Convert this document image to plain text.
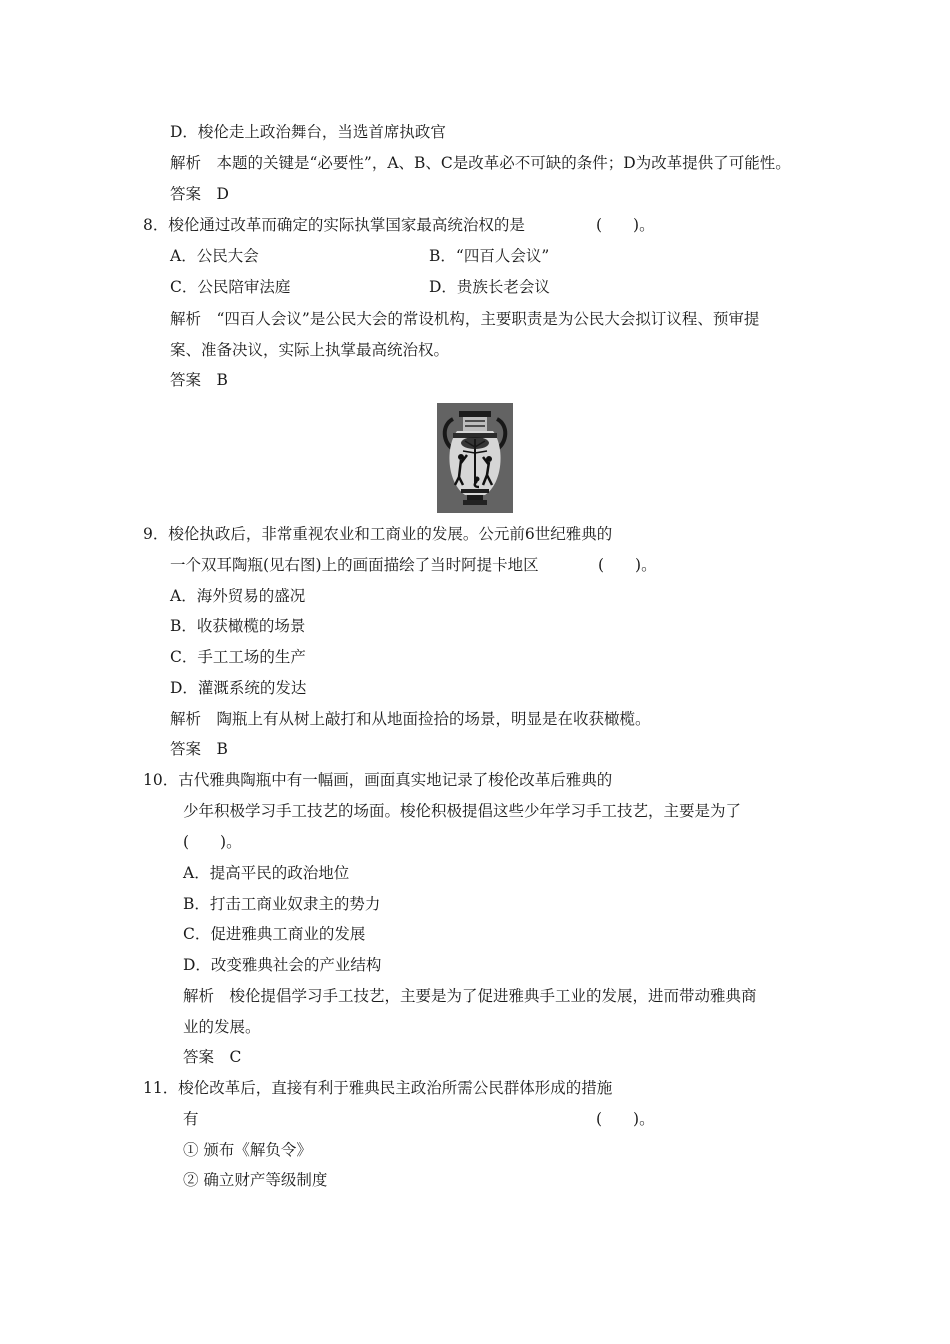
D．梭伦走上政治舞台，当选首席执政官
解析　本题的关键是“必要性”，A、B、C是改革必不可缺的条件；D为改革提供了可能性。
答案　D
8．梭伦通过改革而确定的实际执掌国家最高统治权的是	(　　)。
A．公民大会	B．“四百人会议”
C．公民陪审法庭	D．贵族长老会议
解析　“四百人会议”是公民大会的常设机构，主要职责是为公民大会拟订议程、预审提
案、准备决议，实际上执掌最高统治权。
答案　B
9．梭伦执政后，非常重视农业和工商业的发展。公元前6世纪雅典的
一个双耳陶瓶(见右图)上的画面描绘了当时阿提卡地区	(　　)。
A．海外贸易的盛况
B．收获橄榄的场景
C．手工工场的生产
D．灌溉系统的发达
解析　陶瓶上有从树上敲打和从地面捡拾的场景，明显是在收获橄榄。
答案　B
10．古代雅典陶瓶中有一幅画，画面真实地记录了梭伦改革后雅典的
少年积极学习手工技艺的场面。梭伦积极提倡这些少年学习手工技艺，主要是为了
(　　)。
A．提高平民的政治地位
B．打击工商业奴隶主的势力
C．促进雅典工商业的发展
D．改变雅典社会的产业结构
解析　梭伦提倡学习手工技艺，主要是为了促进雅典手工业的发展，进而带动雅典商
业的发展。
答案　C
11．梭伦改革后，直接有利于雅典民主政治所需公民群体形成的措施
有	(　　)。
① 颁布《解负令》
② 确立财产等级制度
